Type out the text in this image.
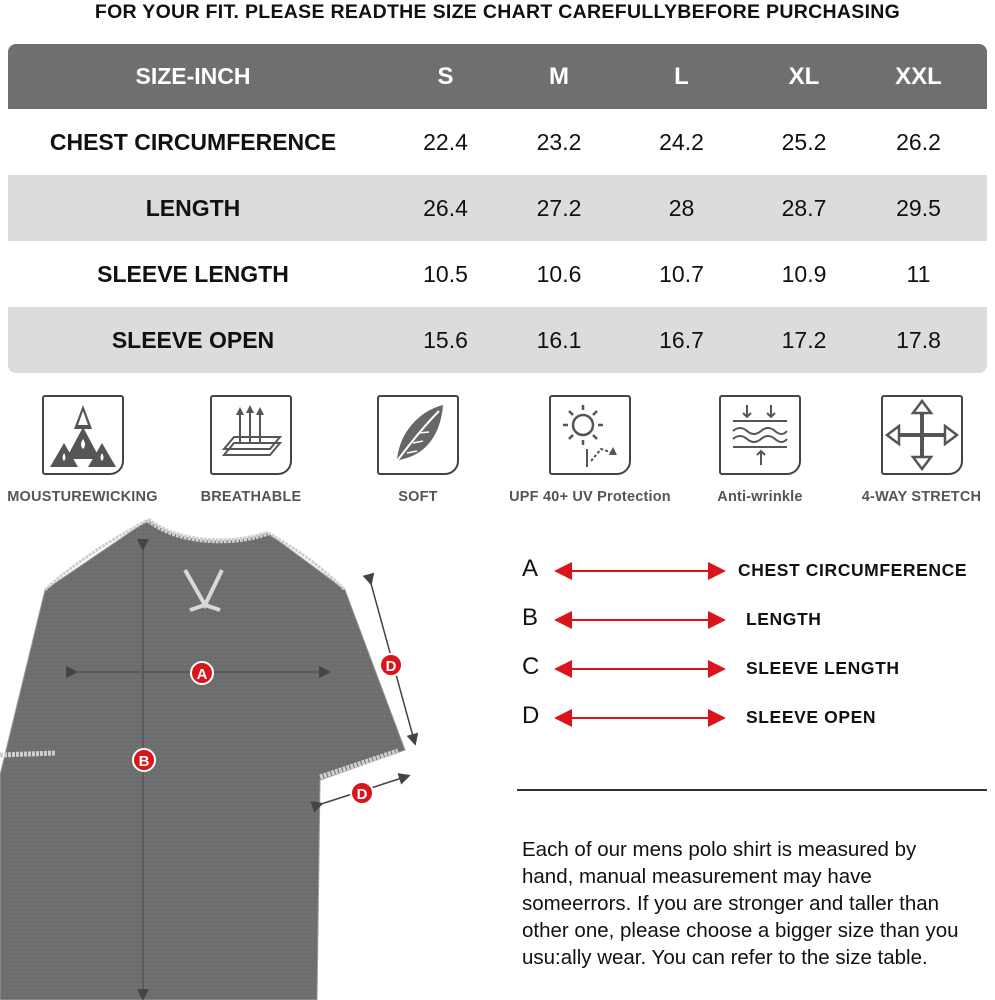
FOR YOUR FIT. PLEASE READTHE SIZE CHART CAREFULLYBEFORE PURCHASING
SIZE-INCH	S	M	L	XL	XXL
CHEST CIRCUMFERENCE	22.4	23.2	24.2	25.2	26.2
LENGTH	26.4	27.2	28	28.7	29.5
SLEEVE LENGTH	10.5	10.6	10.7	10.9	11
SLEEVE OPEN	15.6	16.1	16.7	17.2	17.8
MOUSTUREWICKING	BREATHABLE	SOFT	UPF 40+ UV Protection	Anti-wrinkle	4-WAY STRETCH
A
B
D
D
A	CHEST CIRCUMFERENCE
B	LENGTH
C	SLEEVE LENGTH
D	SLEEVE OPEN
Each of our mens polo shirt is measured by
hand, manual measurement may have
someerrors. If you are stronger and taller than
other one, please choose a bigger size than you
usu:ally wear. You can refer to the size table.
